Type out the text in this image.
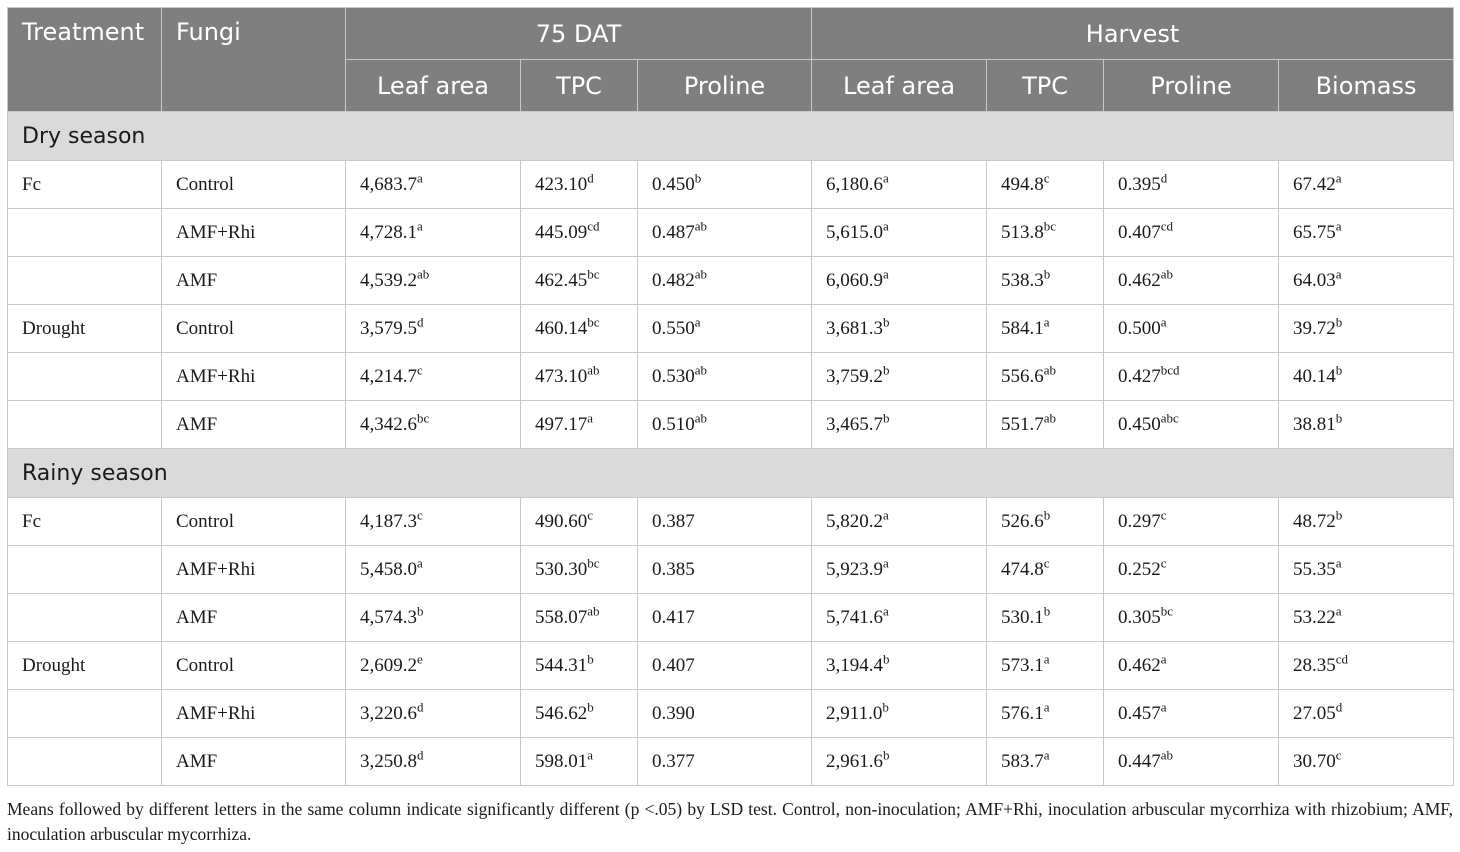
Treatment	Fungi	75 DAT			Harvest			
		Leaf area	TPC	Proline	Leaf area	TPC	Proline	Biomass
Dry season								
Fc	Control	4,683.7$^a$	423.10$^d$	0.450$^b$	6,180.6$^a$	494.8$^c$	0.395$^d$	67.42$^a$
	AMF+Rhi	4,728.1$^a$	445.09$^{cd}$	0.487$^{ab}$	5,615.0$^a$	513.8$^{bc}$	0.407$^{cd}$	65.75$^a$
	AMF	4,539.2$^{ab}$	462.45$^{bc}$	0.482$^{ab}$	6,060.9$^a$	538.3$^b$	0.462$^{ab}$	64.03$^a$
Drought	Control	3,579.5$^d$	460.14$^{bc}$	0.550$^a$	3,681.3$^b$	584.1$^a$	0.500$^a$	39.72$^b$
	AMF+Rhi	4,214.7$^c$	473.10$^{ab}$	0.530$^{ab}$	3,759.2$^b$	556.6$^{ab}$	0.427$^{bcd}$	40.14$^b$
	AMF	4,342.6$^{bc}$	497.17$^a$	0.510$^{ab}$	3,465.7$^b$	551.7$^{ab}$	0.450$^{abc}$	38.81$^b$
Rainy season								
Fc	Control	4,187.3$^c$	490.60$^c$	0.387	5,820.2$^a$	526.6$^b$	0.297$^c$	48.72$^b$
	AMF+Rhi	5,458.0$^a$	530.30$^{bc}$	0.385	5,923.9$^a$	474.8$^c$	0.252$^c$	55.35$^a$
	AMF	4,574.3$^b$	558.07$^{ab}$	0.417	5,741.6$^a$	530.1$^b$	0.305$^{bc}$	53.22$^a$
Drought	Control	2,609.2e	544.31$^b$	0.407	3,194.4$^b$	573.1$^a$	0.462$^a$	28.35$^{cd}$
	AMF+Rhi	3,220.6$^d$	546.62$^b$	0.390	2,911.0$^b$	576.1$^a$	0.457$^a$	27.05$^d$
	AMF	3,250.8$^d$	598.01$^a$	0.377	2,961.6$^b$	583.7$^a$	0.447$^{ab}$	30.70$^c$

Means followed by different letters in the same column indicate significantly different (p <.05) by LSD test. Control, non-inoculation; AMF+Rhi, inoculation arbuscular mycorrhiza with rhizobium; AMF, inoculation arbuscular mycorrhiza.
